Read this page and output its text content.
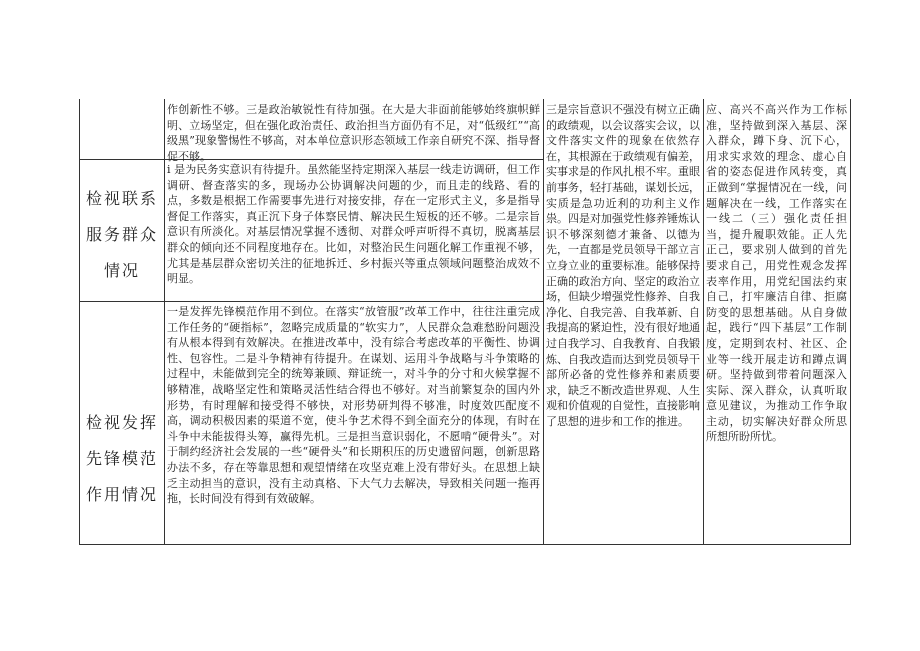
作创新性不够。三是政治敏锐性有待加强。在大是大非面前能够始终旗帜鲜明、立场坚定，但在强化政治责任、政治担当方面仍有不足，对“低级红”“高级黑”现象警惕性不够高，对本单位意识形态领域工作亲自研究不深、指导督促不够。
检视联系服务群众情况
i 是为民务实意识有待提升。虽然能坚持定期深入基层一线走访调研，但工作调研、督查落实的多，现场办公协调解决问题的少，而且走的线路、看的点，多数是根据工作需要事先进行对接安排，存在一定形式主义，多是指导督促工作落实，真正沉下身子体察民情、解决民生短板的还不够。二是宗旨意识有所淡化。对基层情况掌握不透彻、对群众呼声听得不真切，脱离基层群众的倾向还不同程度地存在。比如，对整治民生问题化解工作重视不够，尤其是基层群众密切关注的征地拆迁、乡村振兴等重点领域问题整治成效不明显。
检视发挥先锋模范作用情况
一是发挥先锋模范作用不到位。在落实“放管服”改革工作中，往往注重完成工作任务的“硬指标”，忽略完成质量的“软实力”，人民群众急难愁盼问题没有从根本得到有效解决。在推进改革中，没有综合考虑改革的平衡性、协调性、包容性。二是斗争精神有待提升。在谋划、运用斗争战略与斗争策略的过程中，未能做到完全的统筹兼顾、辩证统一，对斗争的分寸和火候掌握不够精准，战略坚定性和策略灵活性结合得也不够好。对当前繁复杂的国内外形势，有时理解和接受得不够快，对形势研判得不够准，时度效匹配度不高，调动积极因素的渠道不宽，使斗争艺术得不到全面充分的体现，有时在斗争中未能拔得头筹，赢得先机。三是担当意识弱化，不愿啃“硬骨头”。对于制约经济社会发展的一些“硬骨头”和长期积压的历史遗留问题，创新思路办法不多，存在等靠思想和观望情绪在攻坚克难上没有带好头。在思想上缺乏主动担当的意识，没有主动真格、下大气力去解决，导致相关问题一拖再拖，长时间没有得到有效破解。
三是宗旨意识不强没有树立正确的政绩观，以会议落实会议，以文件落实文件的现象在依然存在，其根源在于政绩观有偏差，实事求是的作风扎根不牢。重眼前事务，轻打基础，谋划长远，实质是急功近利的功利主义作祟。四是对加强党性修养锤炼认识不够深刻德才兼备、以德为先，一直都是党员领导干部立言立身立业的重要标准。能够保持正确的政治方向、坚定的政治立场，但缺少增强党性修养、自我净化、自我完善、自我革新、自我提高的紧迫性，没有很好地通过自我学习、自我教育、自我锻炼、自我改造而达到党员领导干部所必备的党性修养和素质要求，缺乏不断改造世界观、人生观和价值观的自觉性，直接影响了思想的进步和工作的推进。
应、高兴不高兴作为工作标准，坚持做到深入基层、深入群众，蹲下身、沉下心，用求实求效的理念、虚心自省的姿态促进作风转变，真正做到“掌握情况在一线，问题解决在一线，工作落实在一线二（三）强化责任担当，提升履职效能。正人先正己，要求别人做到的首先要求自己，用党性观念发挥表率作用，用党纪国法约束自己，打牢廉洁自律、拒腐防变的思想基础。从自身做起，践行“四下基层”工作制度，定期到农村、社区、企业等一线开展走访和蹲点调研。坚持做到带着问题深入实际、深入群众，认真听取意见建议，为推动工作争取主动，切实解决好群众所思所想所盼所忧。
